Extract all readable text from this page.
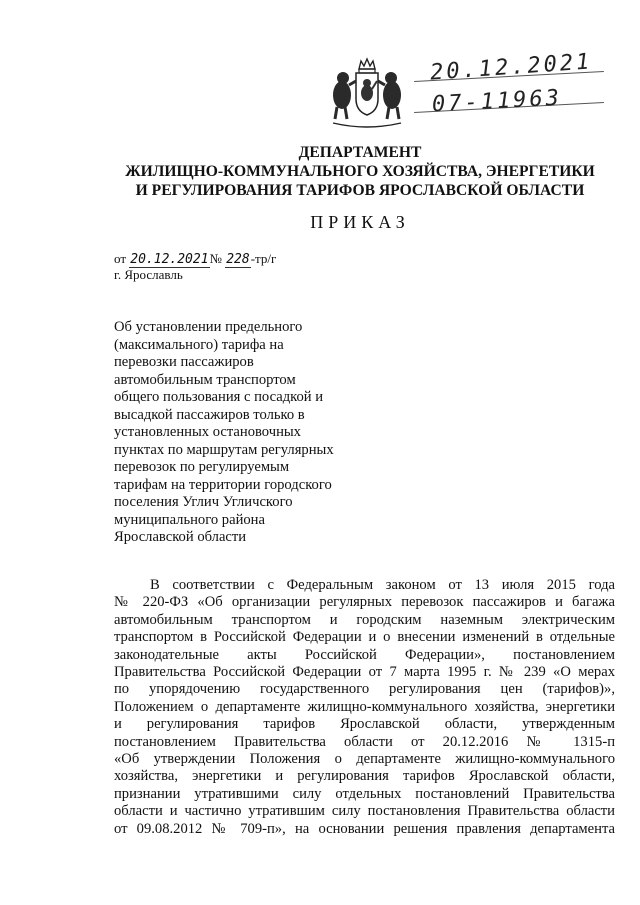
20.12.2021
07-11963
ДЕПАРТАМЕНТ
ЖИЛИЩНО-КОММУНАЛЬНОГО ХОЗЯЙСТВА, ЭНЕРГЕТИКИ
И РЕГУЛИРОВАНИЯ ТАРИФОВ ЯРОСЛАВСКОЙ ОБЛАСТИ
ПРИКАЗ
от 20.12.2021№ 228-тр/г
г. Ярославль
Об установлении предельного
(максимального) тарифа на
перевозки пассажиров
автомобильным транспортом
общего пользования с посадкой и
высадкой пассажиров только в
установленных остановочных
пунктах по маршрутам регулярных
перевозок по регулируемым
тарифам на территории городского
поселения Углич Угличского
муниципального района
Ярославской области
В соответствии с Федеральным законом от 13 июля 2015 года
№ 220-ФЗ «Об организации регулярных перевозок пассажиров и багажа
автомобильным транспортом и городским наземным электрическим
транспортом в Российской Федерации и о внесении изменений в отдельные
законодательные акты Российской Федерации», постановлением
Правительства Российской Федерации от 7 марта 1995 г. № 239 «О мерах
по упорядочению государственного регулирования цен (тарифов)»,
Положением о департаменте жилищно-коммунального хозяйства, энергетики
и регулирования тарифов Ярославской области, утвержденным
постановлением Правительства области от 20.12.2016 № 1315-п
«Об утверждении Положения о департаменте жилищно-коммунального
хозяйства, энергетики и регулирования тарифов Ярославской области,
признании утратившими силу отдельных постановлений Правительства
области и частично утратившим силу постановления Правительства области
от 09.08.2012 № 709-п», на основании решения правления департамента
